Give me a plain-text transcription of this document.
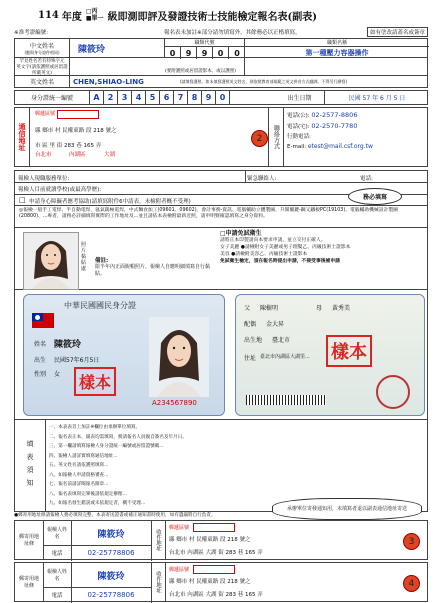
114 年度 □丙
■單一 級即測即評及發證技術士技能檢定報名表(副表)
※准考證編號:	報名表未加註※部分請勿填寫外，其餘務必以正楷填寫，	如有塗改請蓋名或簽章
中文姓名
(應與身分證件相同) 陳筱玲
職類代號
0	9	9	0	0
職類名稱
第一種壓力容器操作
罕見姓名若有特殊字元
英文字(請依護照或居留證所載英文)	(要附護照或居留證影本，或以護照)
英文姓名	CHEN,SHIAO-LING	(請填寫護照、如未填寫護照英文姓名，則依照教育部規範之英文拼音方式翻譯，不得另行繕寫)
身分證統一編號	A	2	3	4	5	6	7	8	9	0	出生日期	民國 57 年 6 月 5 日
通信地址
郵遞區號
縣 鄉市 村 民權東路 段 218 號之
市 區 里 街 283 巷 165 弄
台北市	內湖區	大湖
2	聯絡方式
電話(公): 02-2577-8806
電話(宅): 02-2570-7780
行動電話:
E-mail: etest@mail.csf.org.tw
報檢人現職服務單位:	緊急聯絡人:	電話:
報檢人目前就讀學校(或最高學歷):
務必填寫
□ 申請身心障礙者應考協助(請填寫附件6中請表，未檢附者概不受理)
◎報檢一般手工電焊、半自動電焊、氬氣鎢極電焊，中式麵食加工(09601、09602)、會計事務-資訊、電腦輔助立體製圖、升開覆鍵-鋼又鐵板PC(19103)、電腦輔助機械設計製圖(20800)、...專者，請務必詳細填寫實際的工作地址及...並且請依本表檢附最新近照，請申明暨確認填寫之身分資料。
照片黏貼處
備註:
限半年內正面脫帽照片，報檢人自應明細填寫自行黏貼。
□申請免試衛生
請將正本印製請向本要求申請，並立交付正確人。
女子美麗 ●請檢附女子美麗或男子理髮乙、丙級技術士證影本
美容 ●請檢附美容乙、丙級技術士證影本
免試衛生檢定，須在報名時提出申請，不接受事後補申請
中華民國國民身分證
姓名 陳筱玲
出生 民國57年6月5日
性別 女
A234567890
樣本
父 陳樹明	母 黃秀美
配偶 金大昇
出生地 臺北市
住址 臺北市內湖區大湖里...	樣本
填表須知
一、本表表首上加註※欄位由承辦單位填寫。
二、報名表正本、副表均需填寫，務請報名人員親自簽名及年月日。
三、第一欄請填寫報檢人身分證統一編號或居留證號碼...
四、報檢人請詳實填寫通信地址...
五、英文姓名請依護照填寫...
六、如報檢人申請資格審查...
七、報名前請詳閱報名簡章...
八、報名表填寫完畢後請依規定辦理...
九、如報名發生錯誤或未依規定者，概不受理...
●郵寄用地址條請報檢人務必填寫完整，本表寄送證書或補正通知書時使用，如有遺漏將自行負責。
承辦單位寄發通知用，未填寫者退以副表通信地址寄送
郵寄用地址條
報檢人姓名	陳筱玲
電話	02-25778806
收件地址
郵遞區號
縣 鄉市 村 民權東路 段 218 號之
台北市 內湖區 大湖 街 283 巷 165 弄
3
郵寄用地址條
報檢人姓名	陳筱玲
電話	02-25778806
收件地址
郵遞區號
縣 鄉市 村 民權東路 段 218 號之
台北市 內湖區 大湖 街 283 巷 165 弄
4
